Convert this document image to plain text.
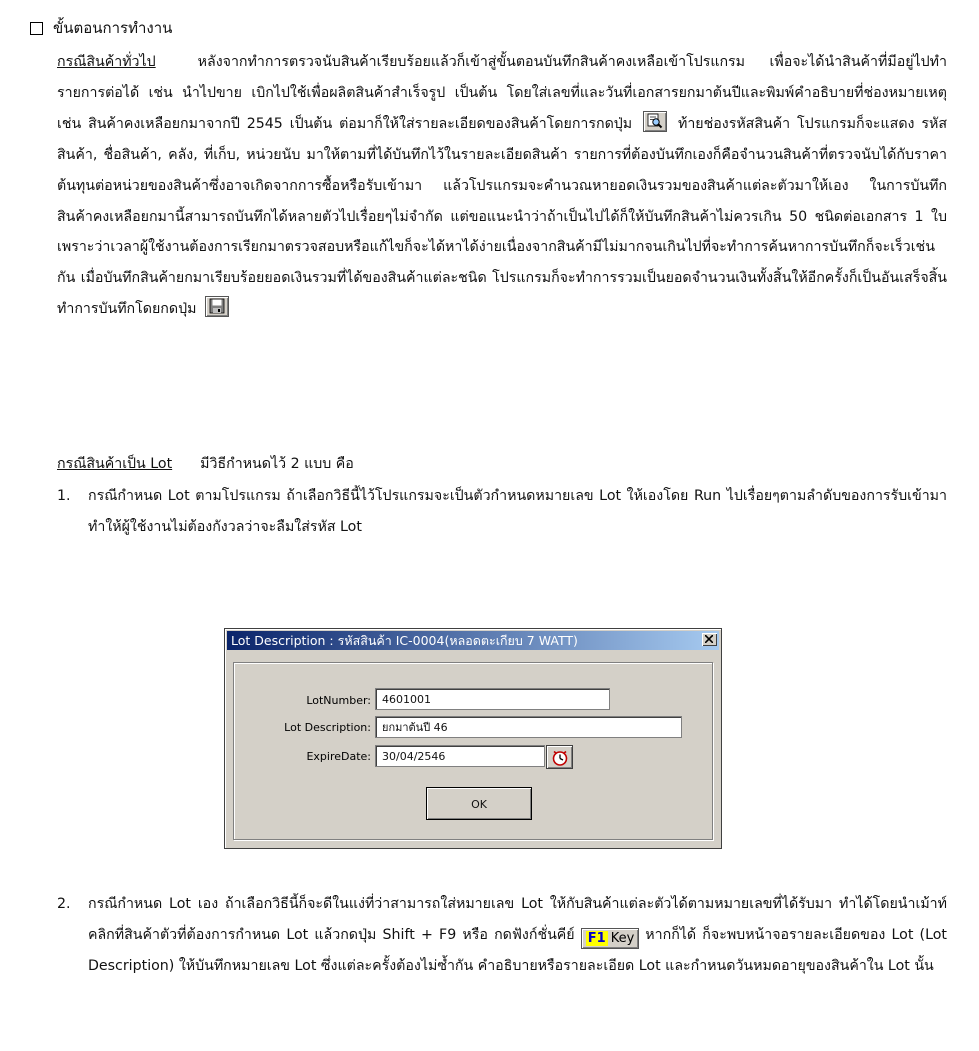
ขั้นตอนการทำงาน
กรณีสินค้าทั่วไป	หลังจากทำการตรวจนับสินค้าเรียบร้อยแล้วก็เข้าสู่ขั้นตอนบันทึกสินค้าคงเหลือเข้าโปรแกรม เพื่อจะได้นำสินค้าที่มีอยู่ไปทำรายการต่อได้ เช่น นำไปขาย เบิกไปใช้เพื่อผลิตสินค้าสำเร็จรูป เป็นต้น โดยใส่เลขที่และวันที่เอกสารยกมาต้นปีและพิมพ์คำอธิบายที่ช่องหมายเหตุ เช่น สินค้าคงเหลือยกมาจากปี 2545 เป็นต้น ต่อมาก็ให้ใส่รายละเอียดของสินค้าโดยการกดปุ่ม	ท้ายช่องรหัสสินค้า โปรแกรมก็จะแสดง รหัสสินค้า, ชื่อสินค้า, คลัง, ที่เก็บ, หน่วยนับ มาให้ตามที่ได้บันทึกไว้ในรายละเอียดสินค้า รายการที่ต้องบันทึกเองก็คือจำนวนสินค้าที่ตรวจนับได้กับราคาต้นทุนต่อหน่วยของสินค้าซึ่งอาจเกิดจากการซื้อหรือรับเข้ามา แล้วโปรแกรมจะคำนวณหายอดเงินรวมของสินค้าแต่ละตัวมาให้เอง ในการบันทึกสินค้าคงเหลือยกมานี้สามารถบันทึกได้หลายตัวไปเรื่อยๆไม่จำกัด แต่ขอแนะนำว่าถ้าเป็นไปได้ก็ให้บันทึกสินค้าไม่ควรเกิน 50 ชนิดต่อเอกสาร 1 ใบ เพราะว่าเวลาผู้ใช้งานต้องการเรียกมาตรวจสอบหรือแก้ไขก็จะได้หาได้ง่ายเนื่องจากสินค้ามีไม่มากจนเกินไปที่จะทำการค้นหาการบันทึกก็จะเร็วเช่นกัน เมื่อบันทึกสินค้ายกมาเรียบร้อยยอดเงินรวมที่ได้ของสินค้าแต่ละชนิด โปรแกรมก็จะทำการรวมเป็นยอดจำนวนเงินทั้งสิ้นให้อีกครั้งก็เป็นอันเสร็จสิ้น ทำการบันทึกโดยกดปุ่ม
กรณีสินค้าเป็น Lot มีวิธีกำหนดไว้ 2 แบบ คือ
1.	กรณีกำหนด Lot ตามโปรแกรม ถ้าเลือกวิธีนี้ไว้โปรแกรมจะเป็นตัวกำหนดหมายเลข Lot ให้เองโดย Run ไปเรื่อยๆตามลำดับของการรับเข้ามา ทำให้ผู้ใช้งานไม่ต้องกังวลว่าจะลืมใส่รหัส Lot
Lot Description : รหัสสินค้า IC-0004(หลอดตะเกียบ 7 WATT)
LotNumber:	4601001
Lot Description:	ยกมาต้นปี 46
ExpireDate:	30/04/2546
OK
2.	กรณีกำหนด Lot เอง ถ้าเลือกวิธีนี้ก็จะดีในแง่ที่ว่าสามารถใส่หมายเลข Lot ให้กับสินค้าแต่ละตัวได้ตามหมายเลขที่ได้รับมา ทำได้โดยนำเม้าท์คลิกที่สินค้าตัวที่ต้องการกำหนด Lot แล้วกดปุ่ม Shift + F9 หรือ กดฟังก์ชั่นคีย์ F1 Key หากก็ได้ ก็จะพบหน้าจอรายละเอียดของ Lot (Lot Description) ให้บันทึกหมายเลข Lot ซึ่งแต่ละครั้งต้องไม่ซ้ำกัน คำอธิบายหรือรายละเอียด Lot และกำหนดวันหมดอายุของสินค้าใน Lot นั้น
